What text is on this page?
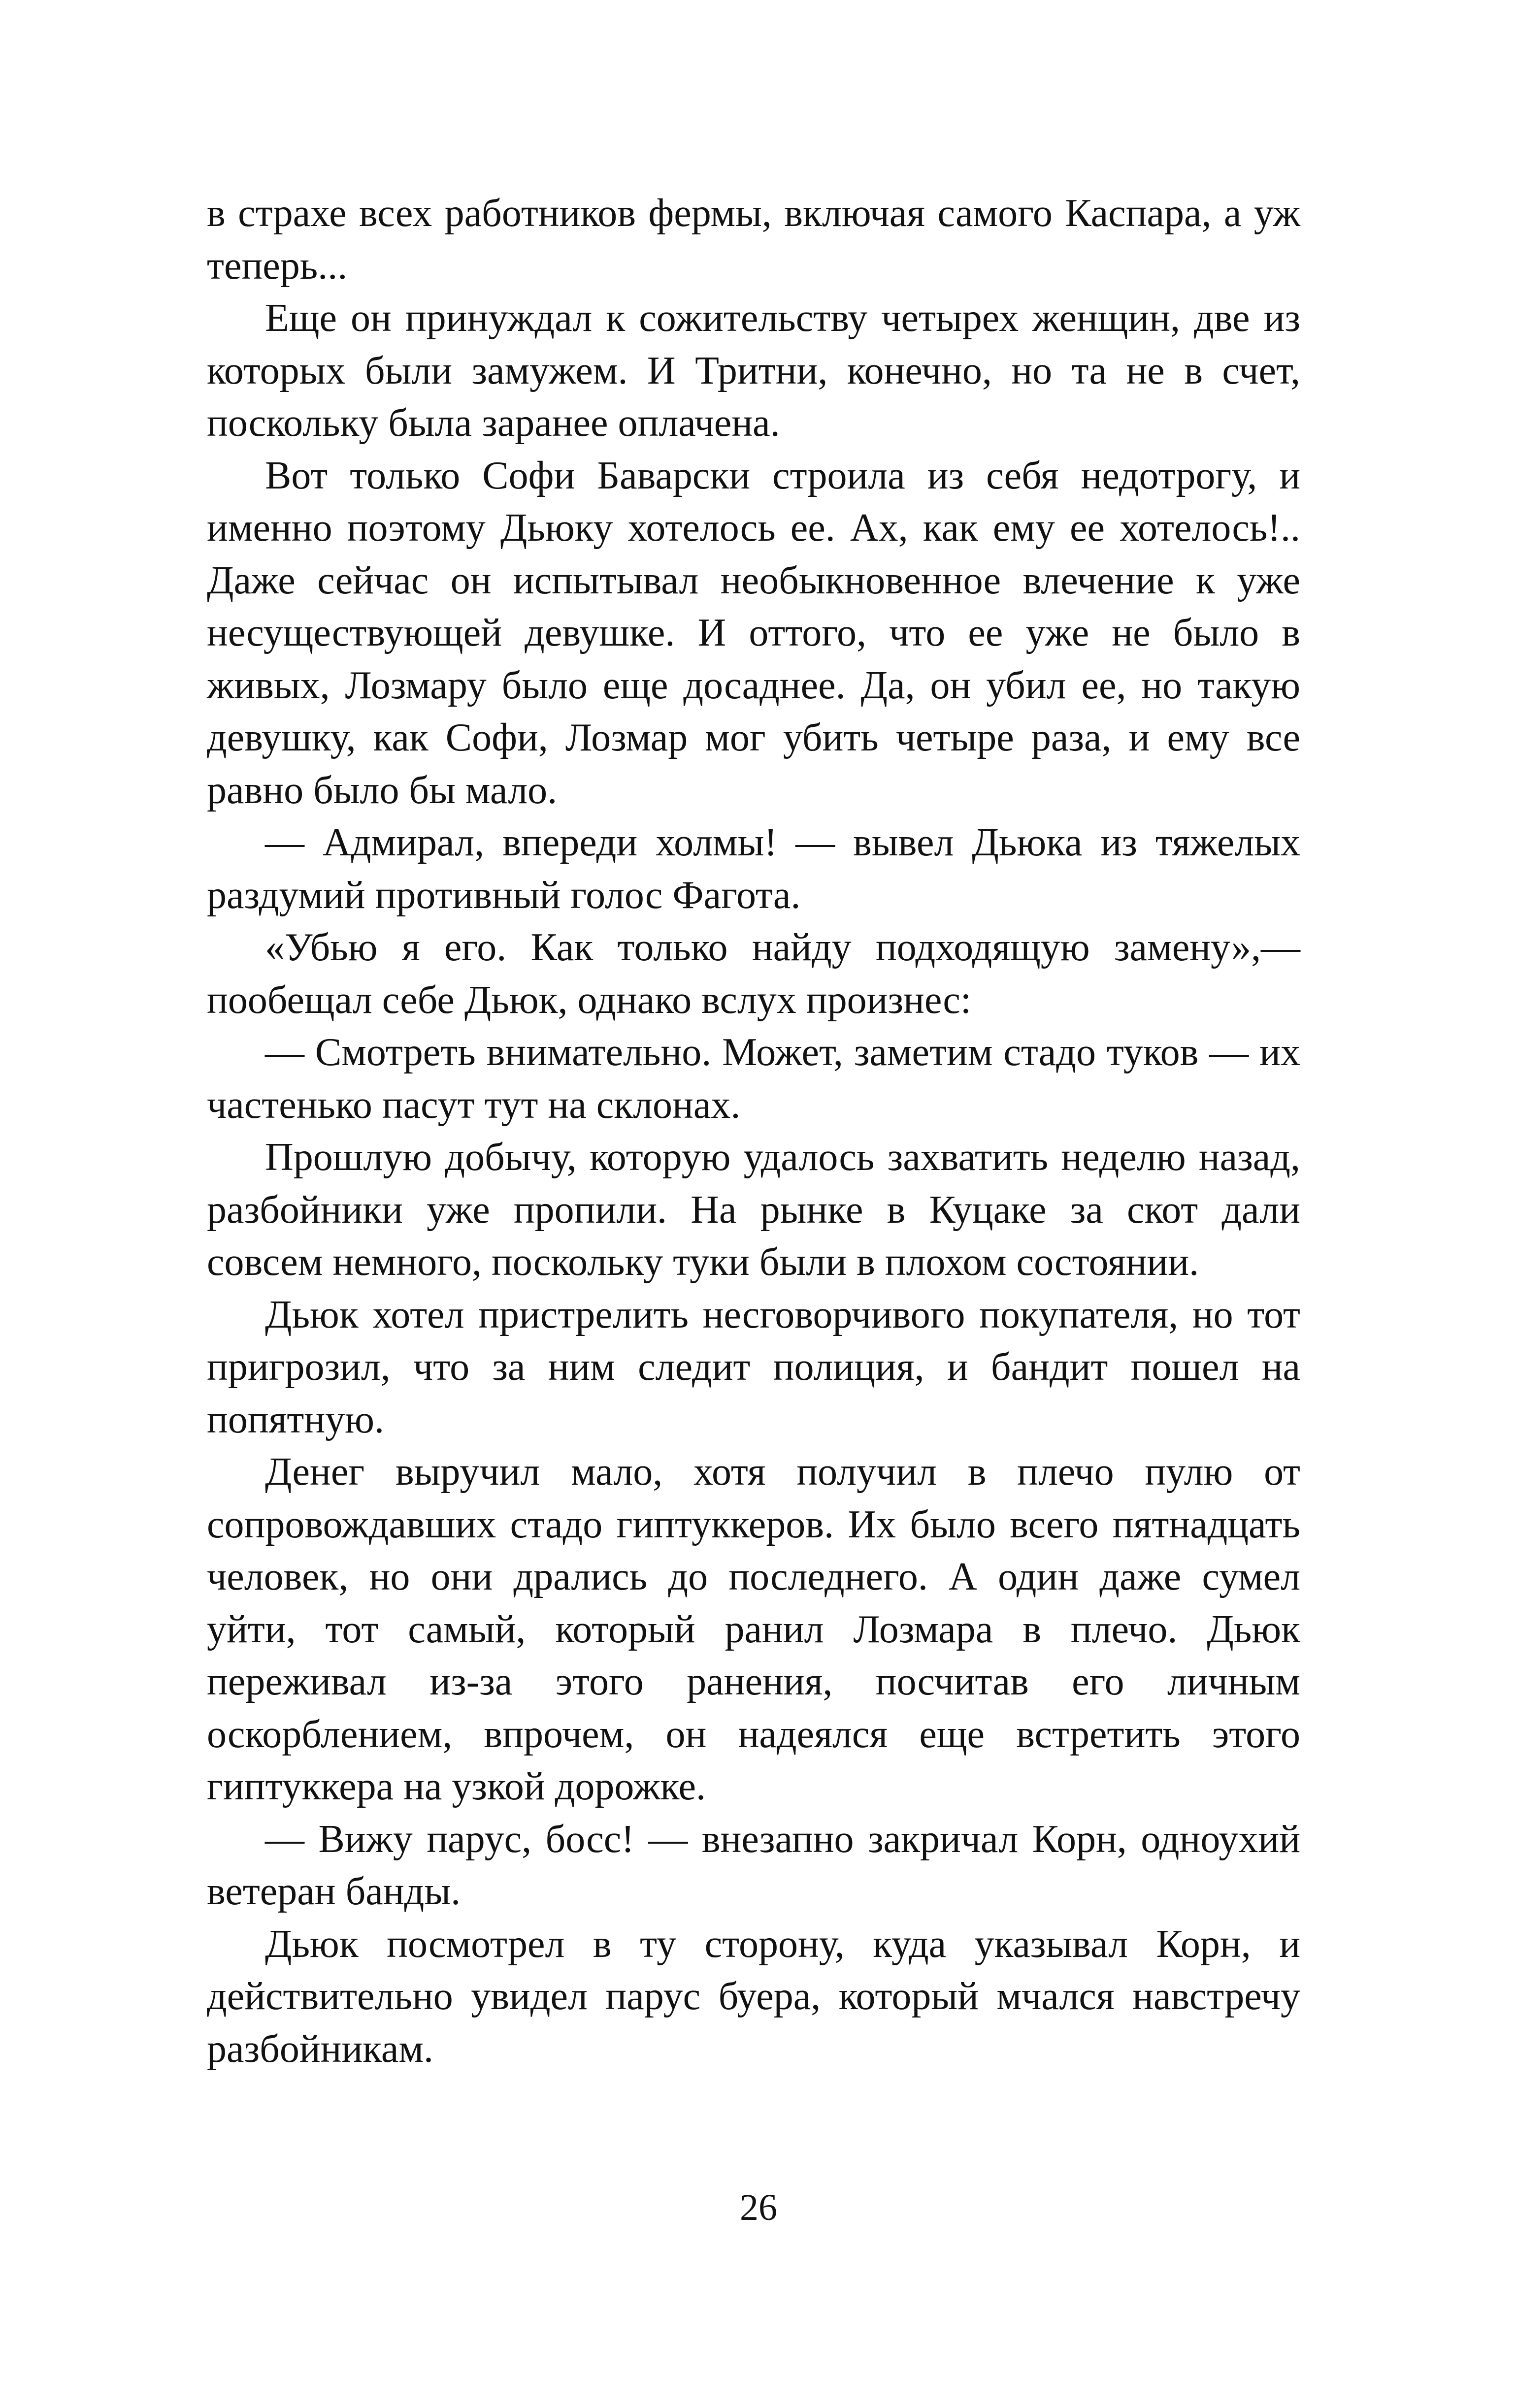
в страхе всех работников фермы, включая самого Каспара, а уж теперь...

Еще он принуждал к сожительству четырех женщин, две из которых были замужем. И Тритни, конечно, но та не в счет, поскольку была заранее оплачена.

Вот только Софи Баварски строила из себя недотрогу, и именно поэтому Дьюку хотелось ее. Ах, как ему ее хотелось!.. Даже сейчас он испытывал необыкновенное влечение к уже несуществующей девушке. И оттого, что ее уже не было в живых, Лозмару было еще досаднее. Да, он убил ее, но такую девушку, как Софи, Лозмар мог убить четыре раза, и ему все равно было бы мало.

— Адмирал, впереди холмы! — вывел Дьюка из тяжелых раздумий противный голос Фагота.

«Убью я его. Как только найду подходящую замену»,— пообещал себе Дьюк, однако вслух произнес:

— Смотреть внимательно. Может, заметим стадо туков — их частенько пасут тут на склонах.

Прошлую добычу, которую удалось захватить неделю назад, разбойники уже пропили. На рынке в Куцаке за скот дали совсем немного, поскольку туки были в плохом состоянии.

Дьюк хотел пристрелить несговорчивого покупателя, но тот пригрозил, что за ним следит полиция, и бандит пошел на попятную.

Денег выручил мало, хотя получил в плечо пулю от сопровождавших стадо гиптуккеров. Их было всего пятнадцать человек, но они дрались до последнего. А один даже сумел уйти, тот самый, который ранил Лозмара в плечо. Дьюк переживал из-за этого ранения, посчитав его личным оскорблением, впрочем, он надеялся еще встретить этого гиптуккера на узкой дорожке.

— Вижу парус, босс! — внезапно закричал Корн, одноухий ветеран банды.

Дьюк посмотрел в ту сторону, куда указывал Корн, и действительно увидел парус буера, который мчался навстречу разбойникам.

26
